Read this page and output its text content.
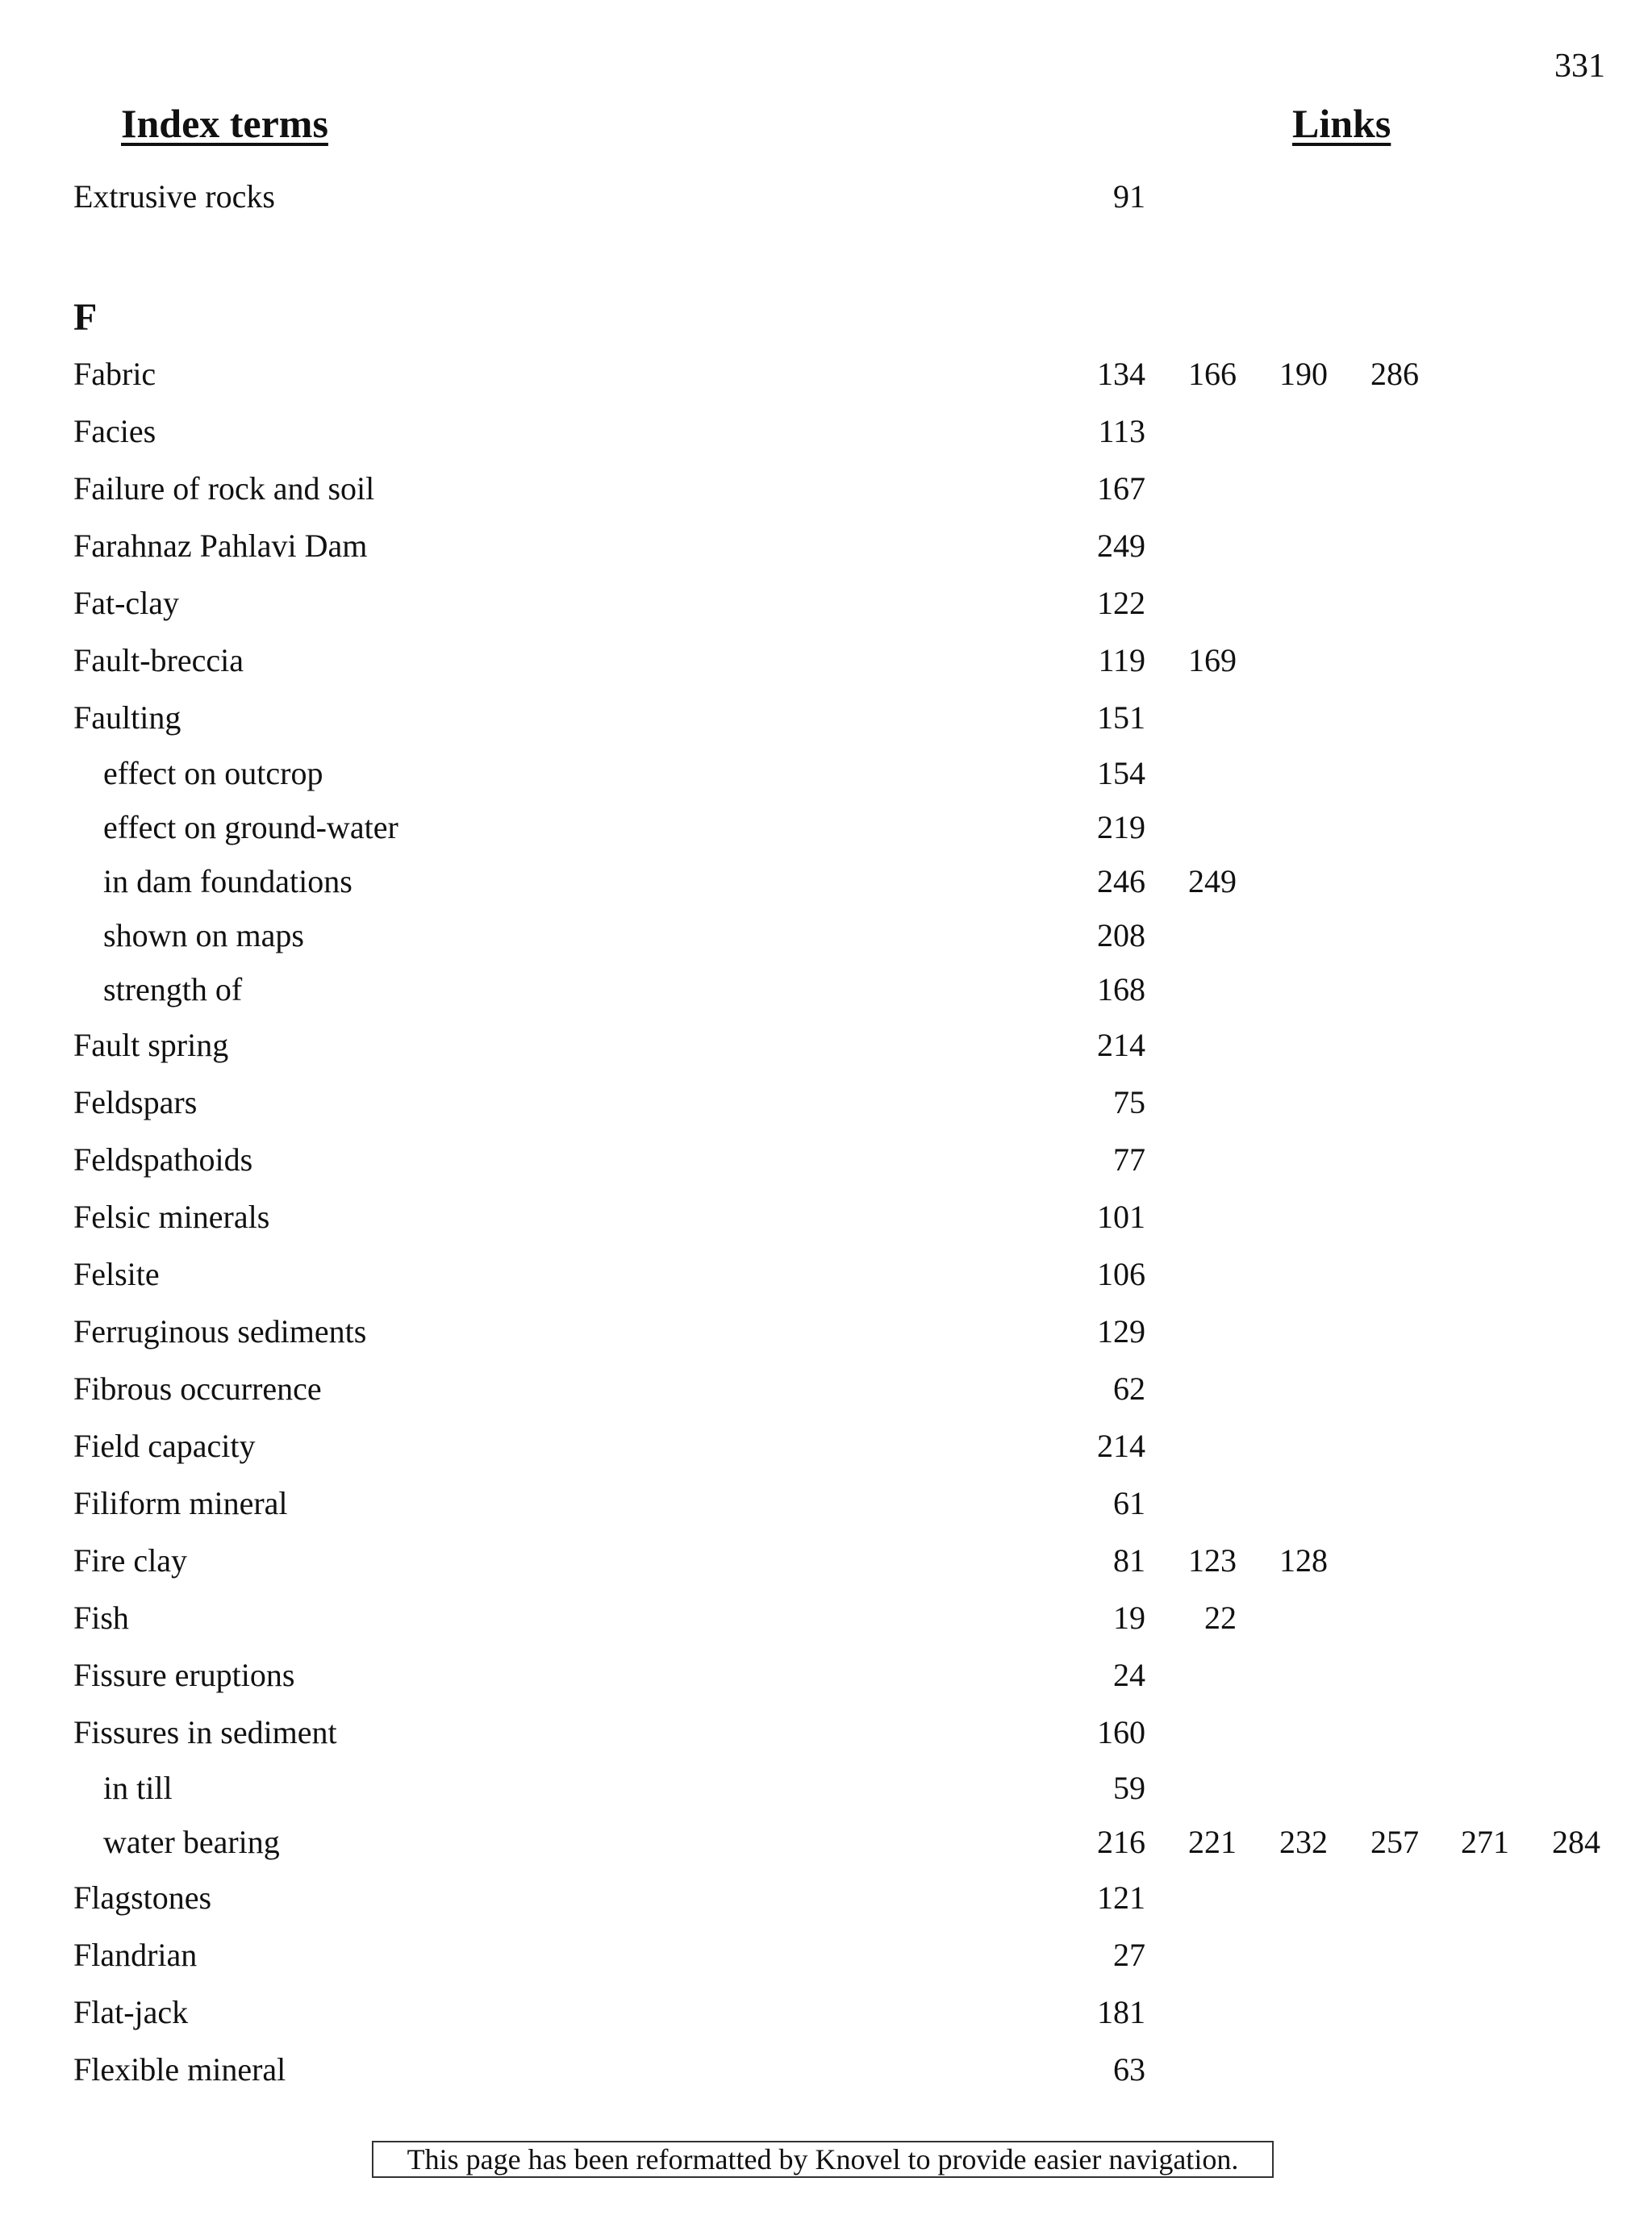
331
Index terms	Links
Extrusive rocks	91
F
Fabric	134	166	190	286
Facies	113
Failure of rock and soil	167
Farahnaz Pahlavi Dam	249
Fat-clay	122
Fault-breccia	119	169
Faulting	151
effect on outcrop	154
effect on ground-water	219
in dam foundations	246	249
shown on maps	208
strength of	168
Fault spring	214
Feldspars	75
Feldspathoids	77
Felsic minerals	101
Felsite	106
Ferruginous sediments	129
Fibrous occurrence	62
Field capacity	214
Filiform mineral	61
Fire clay	81	123	128
Fish	19	22
Fissure eruptions	24
Fissures in sediment	160
in till	59
water bearing	216	221	232	257	271	284
Flagstones	121
Flandrian	27
Flat-jack	181
Flexible mineral	63
This page has been reformatted by Knovel to provide easier navigation.
